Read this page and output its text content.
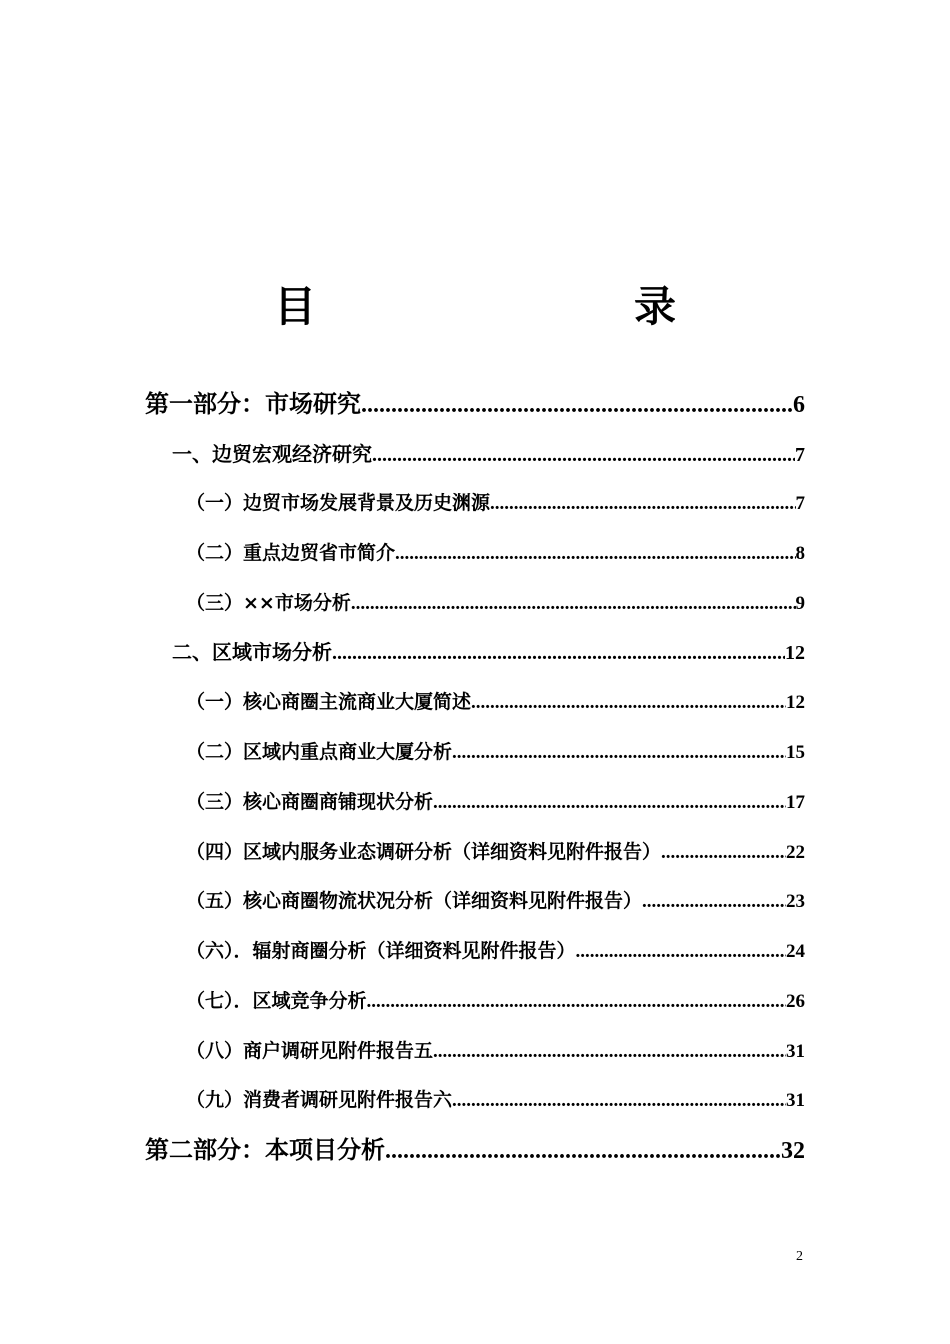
目　　录
第一部分：市场研究 .....	6
一、边贸宏观经济研究 .....	7
（一）边贸市场发展背景及历史渊源 .....	7
（二）重点边贸省市简介 .....	8
（三）××市场分析 .....	9
二、区域市场分析 .....	12
（一）核心商圈主流商业大厦简述 .....	12
（二）区域内重点商业大厦分析 .....	15
（三）核心商圈商铺现状分析 .....	17
（四）区域内服务业态调研分析（详细资料见附件报告） .....	22
（五）核心商圈物流状况分析（详细资料见附件报告） .....	23
（六）．辐射商圈分析（详细资料见附件报告） .....	24
（七）．区域竞争分析 .....	26
（八）商户调研见附件报告五 .....	31
（九）消费者调研见附件报告六 .....	31
第二部分：本项目分析 .....	32
2
